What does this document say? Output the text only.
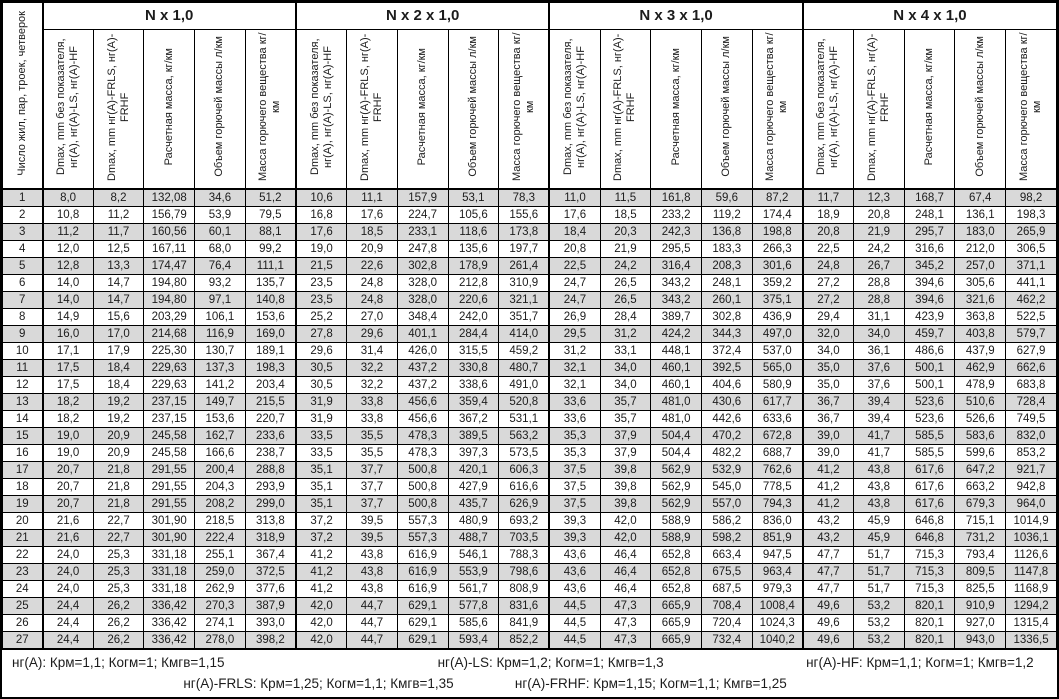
Число жил, пар, троек, четверок	N x 1,0					N x 2 x 1,0					N x 3 x 1,0					N x 4 x 1,0				
	Dmax, mm без показателя, нг(A), нг(A)-LS, нг(A)-HF	Dmax, mm нг(A)-FRLS, нг(A)-FRHF	Расчетная масса, кг/км	Объем горючей массы л/км	Масса горючего вещества кг/км	Dmax, mm без показателя, нг(A), нг(A)-LS, нг(A)-HF	Dmax, mm нг(A)-FRLS, нг(A)-FRHF	Расчетная масса, кг/км	Объем горючей массы л/км	Масса горючего вещества кг/км	Dmax, mm без показателя, нг(A), нг(A)-LS, нг(A)-HF	Dmax, mm нг(A)-FRLS, нг(A)-FRHF	Расчетная масса, кг/км	Объем горючей массы л/км	Масса горючего вещества кг/км	Dmax, mm без показателя, нг(A), нг(A)-LS, нг(A)-HF	Dmax, mm нг(A)-FRLS, нг(A)-FRHF	Расчетная масса, кг/км	Объем горючей массы л/км	Масса горючего вещества кг/км
1	8,0	8,2	132,08	34,6	51,2	10,6	11,1	157,9	53,1	78,3	11,0	11,5	161,8	59,6	87,2	11,7	12,3	168,7	67,4	98,2
2	10,8	11,2	156,79	53,9	79,5	16,8	17,6	224,7	105,6	155,6	17,6	18,5	233,2	119,2	174,4	18,9	20,8	248,1	136,1	198,3
3	11,2	11,7	160,56	60,1	88,1	17,6	18,5	233,1	118,6	173,8	18,4	20,3	242,3	136,8	198,8	20,8	21,9	295,7	183,0	265,9
4	12,0	12,5	167,11	68,0	99,2	19,0	20,9	247,8	135,6	197,7	20,8	21,9	295,5	183,3	266,3	22,5	24,2	316,6	212,0	306,5
5	12,8	13,3	174,47	76,4	111,1	21,5	22,6	302,8	178,9	261,4	22,5	24,2	316,4	208,3	301,6	24,8	26,7	345,2	257,0	371,1
6	14,0	14,7	194,80	93,2	135,7	23,5	24,8	328,0	212,8	310,9	24,7	26,5	343,2	248,1	359,2	27,2	28,8	394,6	305,6	441,1
7	14,0	14,7	194,80	97,1	140,8	23,5	24,8	328,0	220,6	321,1	24,7	26,5	343,2	260,1	375,1	27,2	28,8	394,6	321,6	462,2
8	14,9	15,6	203,29	106,1	153,6	25,2	27,0	348,4	242,0	351,7	26,9	28,4	389,7	302,8	436,9	29,4	31,1	423,9	363,8	522,5
9	16,0	17,0	214,68	116,9	169,0	27,8	29,6	401,1	284,4	414,0	29,5	31,2	424,2	344,3	497,0	32,0	34,0	459,7	403,8	579,7
10	17,1	17,9	225,30	130,7	189,1	29,6	31,4	426,0	315,5	459,2	31,2	33,1	448,1	372,4	537,0	34,0	36,1	486,6	437,9	627,9
11	17,5	18,4	229,63	137,3	198,3	30,5	32,2	437,2	330,8	480,7	32,1	34,0	460,1	392,5	565,0	35,0	37,6	500,1	462,9	662,6
12	17,5	18,4	229,63	141,2	203,4	30,5	32,2	437,2	338,6	491,0	32,1	34,0	460,1	404,6	580,9	35,0	37,6	500,1	478,9	683,8
13	18,2	19,2	237,15	149,7	215,5	31,9	33,8	456,6	359,4	520,8	33,6	35,7	481,0	430,6	617,7	36,7	39,4	523,6	510,6	728,4
14	18,2	19,2	237,15	153,6	220,7	31,9	33,8	456,6	367,2	531,1	33,6	35,7	481,0	442,6	633,6	36,7	39,4	523,6	526,6	749,5
15	19,0	20,9	245,58	162,7	233,6	33,5	35,5	478,3	389,5	563,2	35,3	37,9	504,4	470,2	672,8	39,0	41,7	585,5	583,6	832,0
16	19,0	20,9	245,58	166,6	238,7	33,5	35,5	478,3	397,3	573,5	35,3	37,9	504,4	482,2	688,7	39,0	41,7	585,5	599,6	853,2
17	20,7	21,8	291,55	200,4	288,8	35,1	37,7	500,8	420,1	606,3	37,5	39,8	562,9	532,9	762,6	41,2	43,8	617,6	647,2	921,7
18	20,7	21,8	291,55	204,3	293,9	35,1	37,7	500,8	427,9	616,6	37,5	39,8	562,9	545,0	778,5	41,2	43,8	617,6	663,2	942,8
19	20,7	21,8	291,55	208,2	299,0	35,1	37,7	500,8	435,7	626,9	37,5	39,8	562,9	557,0	794,3	41,2	43,8	617,6	679,3	964,0
20	21,6	22,7	301,90	218,5	313,8	37,2	39,5	557,3	480,9	693,2	39,3	42,0	588,9	586,2	836,0	43,2	45,9	646,8	715,1	1014,9
21	21,6	22,7	301,90	222,4	318,9	37,2	39,5	557,3	488,7	703,5	39,3	42,0	588,9	598,2	851,9	43,2	45,9	646,8	731,2	1036,1
22	24,0	25,3	331,18	255,1	367,4	41,2	43,8	616,9	546,1	788,3	43,6	46,4	652,8	663,4	947,5	47,7	51,7	715,3	793,4	1126,6
23	24,0	25,3	331,18	259,0	372,5	41,2	43,8	616,9	553,9	798,6	43,6	46,4	652,8	675,5	963,4	47,7	51,7	715,3	809,5	1147,8
24	24,0	25,3	331,18	262,9	377,6	41,2	43,8	616,9	561,7	808,9	43,6	46,4	652,8	687,5	979,3	47,7	51,7	715,3	825,5	1168,9
25	24,4	26,2	336,42	270,3	387,9	42,0	44,7	629,1	577,8	831,6	44,5	47,3	665,9	708,4	1008,4	49,6	53,2	820,1	910,9	1294,2
26	24,4	26,2	336,42	274,1	393,0	42,0	44,7	629,1	585,6	841,9	44,5	47,3	665,9	720,4	1024,3	49,6	53,2	820,1	927,0	1315,4
27	24,4	26,2	336,42	278,0	398,2	42,0	44,7	629,1	593,4	852,2	44,5	47,3	665,9	732,4	1040,2	49,6	53,2	820,1	943,0	1336,5
нг(A): Крм=1,1; Когм=1; Кмгв=1,15	нг(A)-LS: Крм=1,2; Когм=1; Кмгв=1,3	нг(A)-HF: Крм=1,1; Когм=1; Кмгв=1,2
нг(A)-FRLS: Крм=1,25; Когм=1,1; Кмгв=1,35	нг(A)-FRHF: Крм=1,15; Когм=1,1; Кмгв=1,25
